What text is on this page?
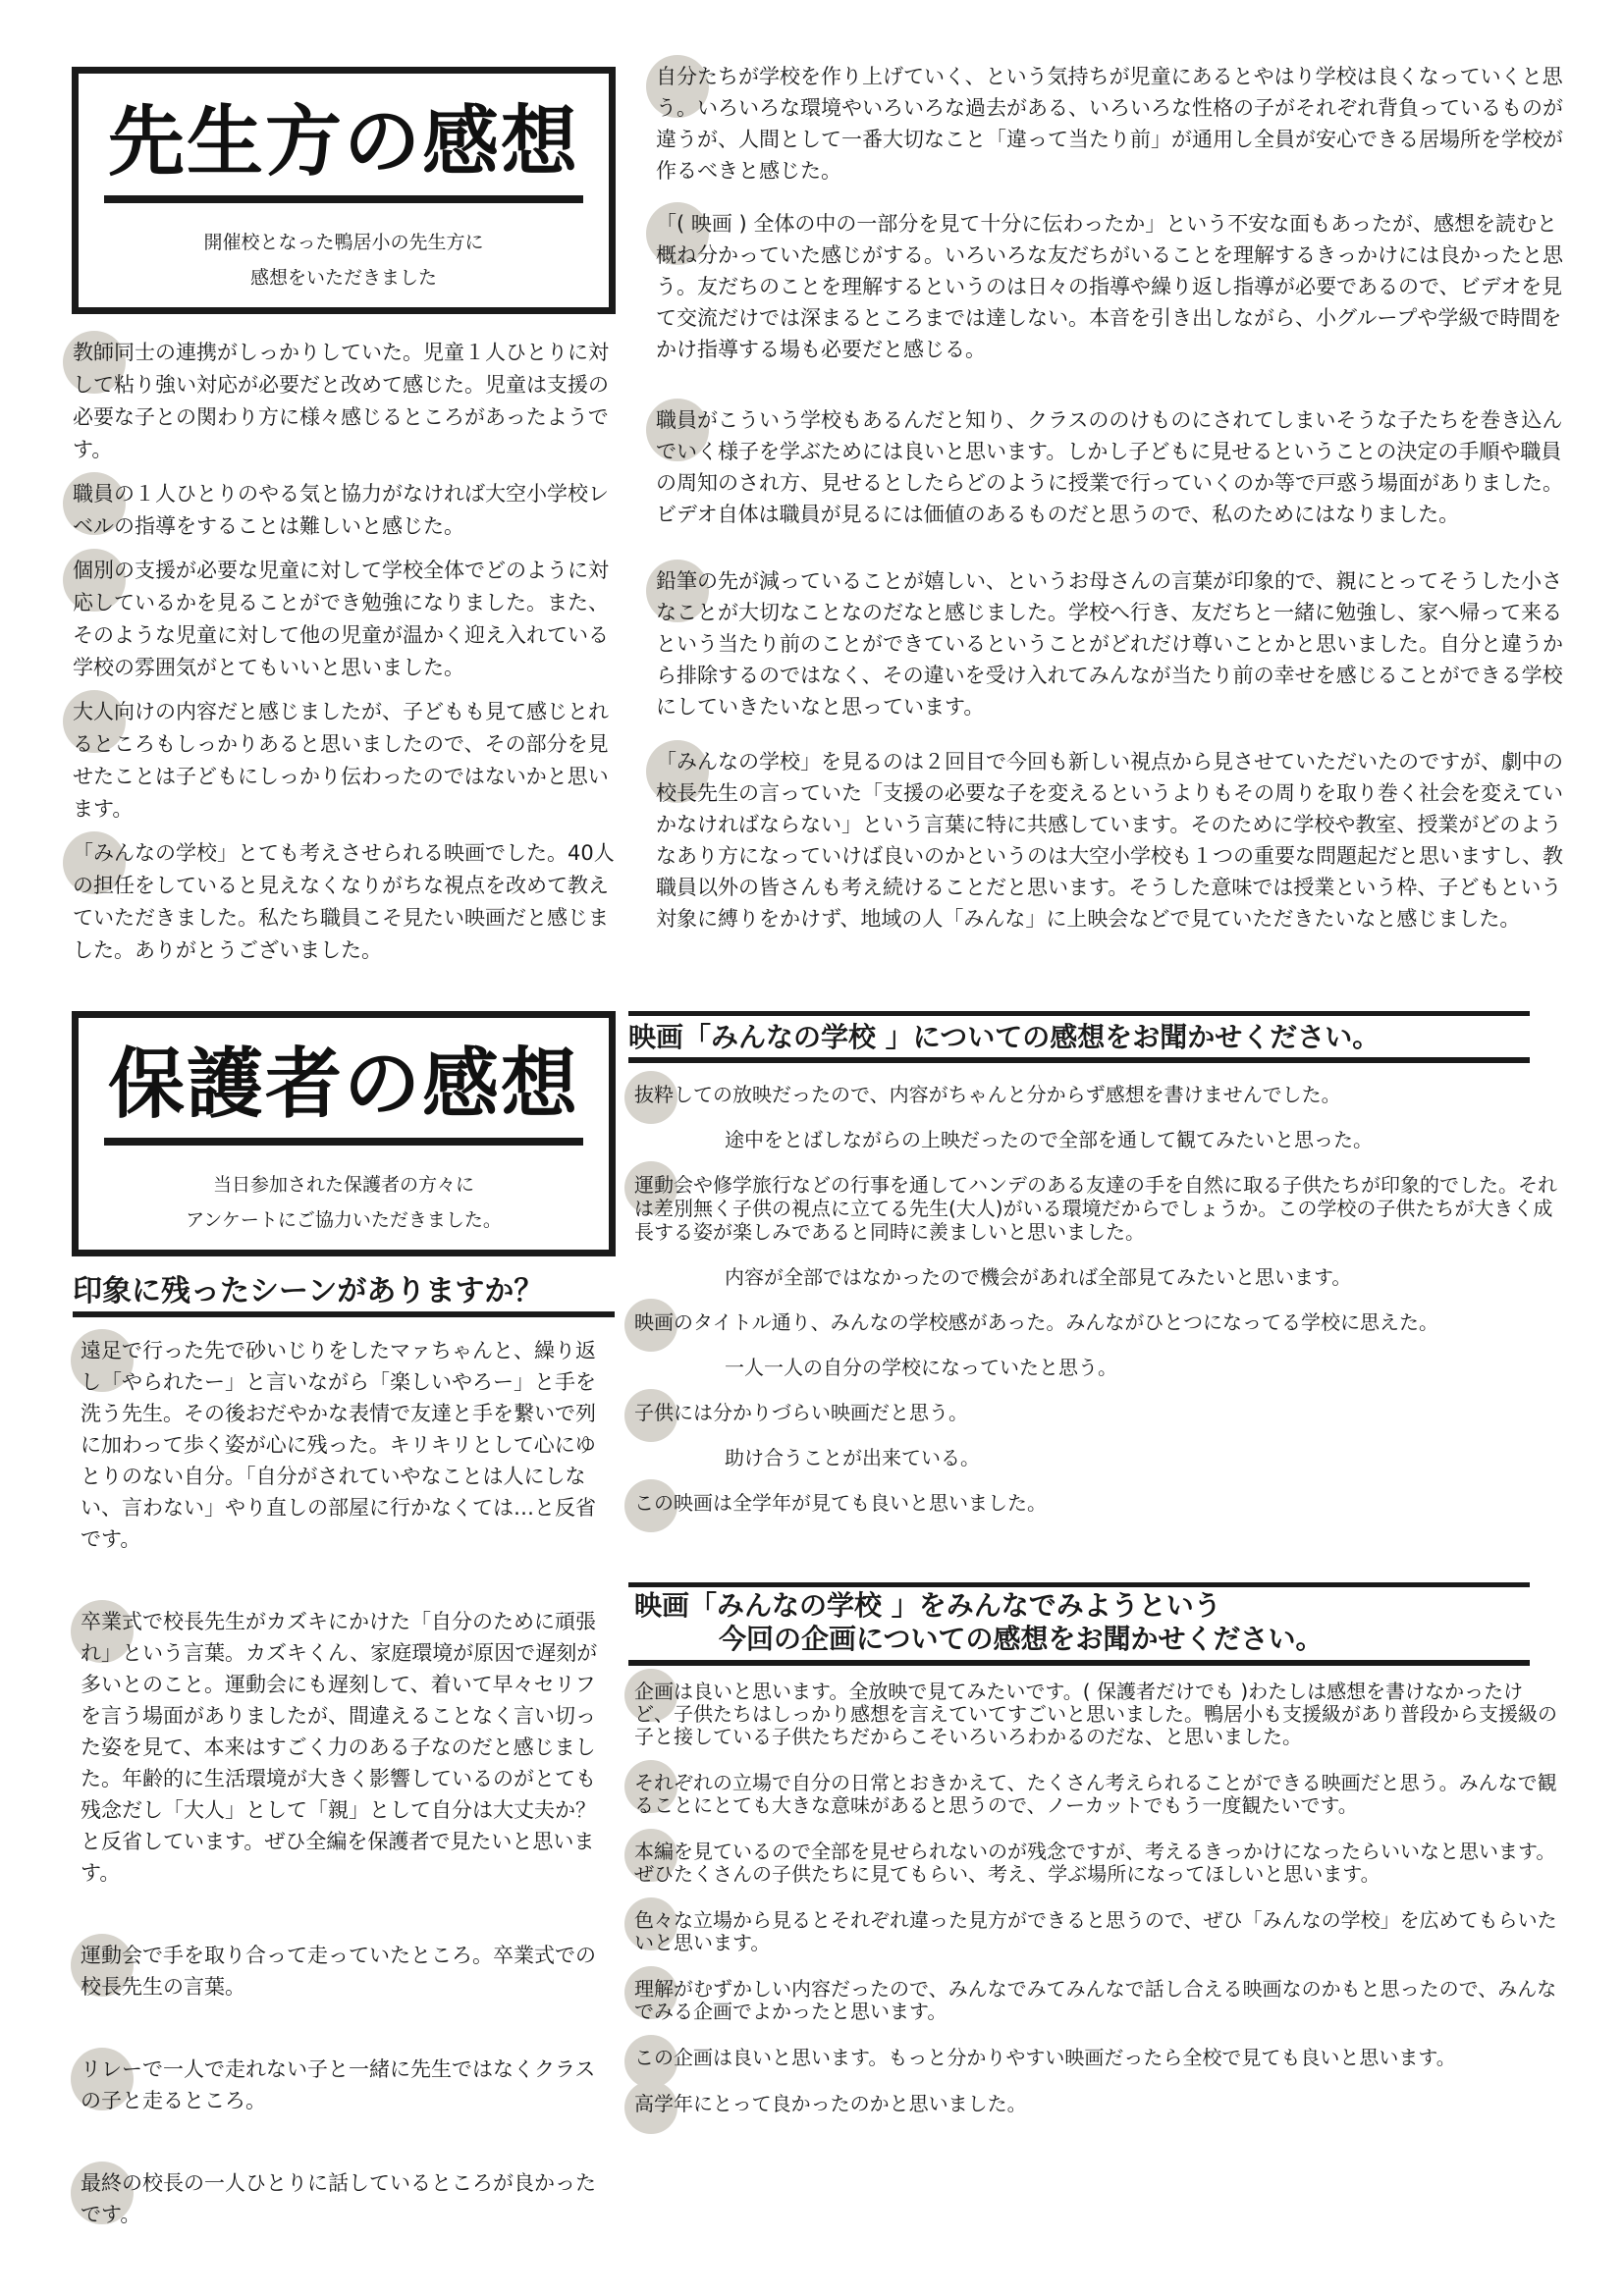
先生方の感想
開催校となった鴨居小の先生方に
感想をいただきました
教師同士の連携がしっかりしていた。児童１人ひとりに対して粘り強い対応が必要だと改めて感じた。児童は支援の必要な子との関わり方に様々感じるところがあったようです。
職員の１人ひとりのやる気と協力がなければ大空小学校レベルの指導をすることは難しいと感じた。
個別の支援が必要な児童に対して学校全体でどのように対応しているかを見ることができ勉強になりました。また、そのような児童に対して他の児童が温かく迎え入れている学校の雰囲気がとてもいいと思いました。
大人向けの内容だと感じましたが、子どもも見て感じとれるところもしっかりあると思いましたので、その部分を見せたことは子どもにしっかり伝わったのではないかと思います。
「みんなの学校」とても考えさせられる映画でした。40人の担任をしていると見えなくなりがちな視点を改めて教えていただきました。私たち職員こそ見たい映画だと感じました。ありがとうございました。
自分たちが学校を作り上げていく、という気持ちが児童にあるとやはり学校は良くなっていくと思う。いろいろな環境やいろいろな過去がある、いろいろな性格の子がそれぞれ背負っているものが違うが、人間として一番大切なこと「違って当たり前」が通用し全員が安心できる居場所を学校が作るべきと感じた。
「( 映画 ) 全体の中の一部分を見て十分に伝わったか」という不安な面もあったが、感想を読むと概ね分かっていた感じがする。いろいろな友だちがいることを理解するきっかけには良かったと思う。友だちのことを理解するというのは日々の指導や繰り返し指導が必要であるので、ビデオを見て交流だけでは深まるところまでは達しない。本音を引き出しながら、小グループや学級で時間をかけ指導する場も必要だと感じる。
職員がこういう学校もあるんだと知り、クラスののけものにされてしまいそうな子たちを巻き込んでいく様子を学ぶためには良いと思います。しかし子どもに見せるということの決定の手順や職員の周知のされ方、見せるとしたらどのように授業で行っていくのか等で戸惑う場面がありました。ビデオ自体は職員が見るには価値のあるものだと思うので、私のためにはなりました。
鉛筆の先が減っていることが嬉しい、というお母さんの言葉が印象的で、親にとってそうした小さなことが大切なことなのだなと感じました。学校へ行き、友だちと一緒に勉強し、家へ帰って来るという当たり前のことができているということがどれだけ尊いことかと思いました。自分と違うから排除するのではなく、その違いを受け入れてみんなが当たり前の幸せを感じることができる学校にしていきたいなと思っています。
「みんなの学校」を見るのは２回目で今回も新しい視点から見させていただいたのですが、劇中の校長先生の言っていた「支援の必要な子を変えるというよりもその周りを取り巻く社会を変えていかなければならない」という言葉に特に共感しています。そのために学校や教室、授業がどのようなあり方になっていけば良いのかというのは大空小学校も１つの重要な問題起だと思いますし、教職員以外の皆さんも考え続けることだと思います。そうした意味では授業という枠、子どもという対象に縛りをかけず、地域の人「みんな」に上映会などで見ていただきたいなと感じました。
保護者の感想
当日参加された保護者の方々に
アンケートにご協力いただきました。
印象に残ったシーンがありますか？
遠足で行った先で砂いじりをしたマァちゃんと、繰り返し「やられたー」と言いながら「楽しいやろー」と手を洗う先生。その後おだやかな表情で友達と手を繋いで列に加わって歩く姿が心に残った。キリキリとして心にゆとりのない自分。「自分がされていやなことは人にしない、言わない」やり直しの部屋に行かなくては…と反省です。
卒業式で校長先生がカズキにかけた「自分のために頑張れ」という言葉。カズキくん、家庭環境が原因で遅刻が多いとのこと。運動会にも遅刻して、着いて早々セリフを言う場面がありましたが、間違えることなく言い切った姿を見て、本来はすごく力のある子なのだと感じました。年齢的に生活環境が大きく影響しているのがとても残念だし「大人」として「親」として自分は大丈夫か？と反省しています。ぜひ全編を保護者で見たいと思います。
運動会で手を取り合って走っていたところ。卒業式での校長先生の言葉。
リレーで一人で走れない子と一緒に先生ではなくクラスの子と走るところ。
最終の校長の一人ひとりに話しているところが良かったです。
映画「みんなの学校 」についての感想をお聞かせください。
抜粋しての放映だったので、内容がちゃんと分からず感想を書けませんでした。
途中をとばしながらの上映だったので全部を通して観てみたいと思った。
運動会や修学旅行などの行事を通してハンデのある友達の手を自然に取る子供たちが印象的でした。それは差別無く子供の視点に立てる先生(大人)がいる環境だからでしょうか。この学校の子供たちが大きく成長する姿が楽しみであると同時に羨ましいと思いました。
内容が全部ではなかったので機会があれば全部見てみたいと思います。
映画のタイトル通り、みんなの学校感があった。みんながひとつになってる学校に思えた。
一人一人の自分の学校になっていたと思う。
子供には分かりづらい映画だと思う。
助け合うことが出来ている。
この映画は全学年が見ても良いと思いました。
映画「みんなの学校 」をみんなでみようという
今回の企画についての感想をお聞かせください。
企画は良いと思います。全放映で見てみたいです。( 保護者だけでも )わたしは感想を書けなかったけど、子供たちはしっかり感想を言えていてすごいと思いました。鴨居小も支援級があり普段から支援級の子と接している子供たちだからこそいろいろわかるのだな、と思いました。
それぞれの立場で自分の日常とおきかえて、たくさん考えられることができる映画だと思う。みんなで観ることにとても大きな意味があると思うので、ノーカットでもう一度観たいです。
本編を見ているので全部を見せられないのが残念ですが、考えるきっかけになったらいいなと思います。ぜひたくさんの子供たちに見てもらい、考え、学ぶ場所になってほしいと思います。
色々な立場から見るとそれぞれ違った見方ができると思うので、ぜひ「みんなの学校」を広めてもらいたいと思います。
理解がむずかしい内容だったので、みんなでみてみんなで話し合える映画なのかもと思ったので、みんなでみる企画でよかったと思います。
この企画は良いと思います。もっと分かりやすい映画だったら全校で見ても良いと思います。
高学年にとって良かったのかと思いました。
